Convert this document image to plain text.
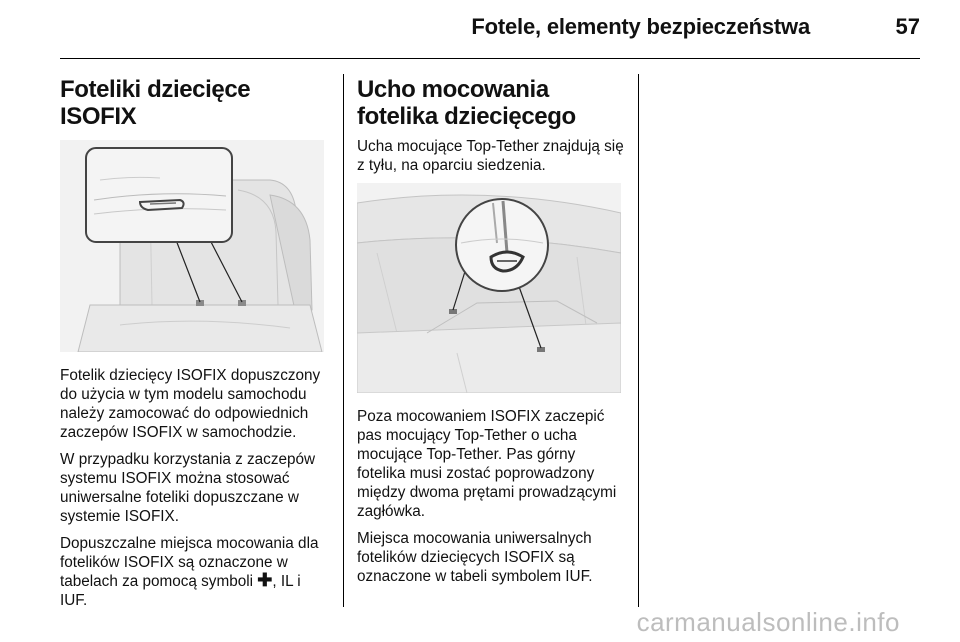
Fotele, elementy bezpieczeństwa	57
Foteliki dziecięce ISOFIX

Fotelik dziecięcy ISOFIX dopuszczony do użycia w tym modelu samochodu należy zamocować do odpowiednich zaczepów ISOFIX w samochodzie.

W przypadku korzystania z zaczepów systemu ISOFIX można stosować uniwersalne foteliki dopuszczane w systemie ISOFIX.

Dopuszczalne miejsca mocowania dla fotelików ISOFIX są oznaczone w tabelach za pomocą symboli ✚, IL i IUF.

Ucho mocowania fotelika dziecięcego

Ucha mocujące Top-Tether znajdują się z tyłu, na oparciu siedzenia.

Poza mocowaniem ISOFIX zaczepić pas mocujący Top-Tether o ucha mocujące Top-Tether. Pas górny fotelika musi zostać poprowadzony między dwoma prętami prowadzącymi zagłówka.

Miejsca mocowania uniwersalnych fotelików dziecięcych ISOFIX są oznaczone w tabeli symbolem IUF.

carmanualsonline.info
